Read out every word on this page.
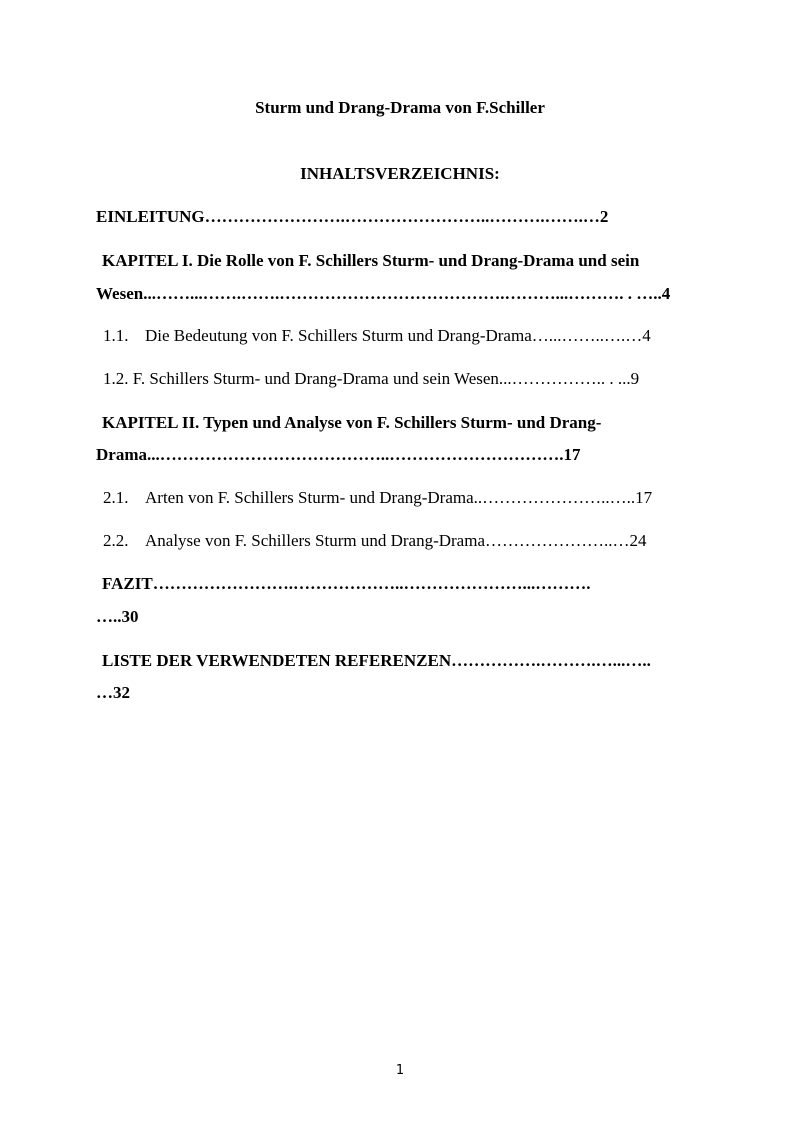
Sturm und Drang-Drama von F.Schiller
INHALTSVERZEICHNIS:
EINLEITUNG…………………….……………………..……….…….…2
KAPITEL I. Die Rolle von F. Schillers Sturm- und Drang-Drama und sein
Wesen...……...…….…….………………………………….………...………. . …..4
1.1. Die Bedeutung von F. Schillers Sturm und Drang-Drama…...……..….…4
1.2. F. Schillers Sturm- und Drang-Drama und sein Wesen...…………….. . ...9
KAPITEL II. Typen und Analyse von F. Schillers Sturm- und Drang-
Drama...…………………………………..………………………….17
2.1. Arten von F. Schillers Sturm- und Drang-Drama..…………………..…..17
2.2. Analyse von F. Schillers Sturm und Drang-Drama…………………..…24
FAZIT…………………….………………..…………………...……….
…..30
LISTE DER VERWENDETEN REFERENZEN…………….……….…...…..
…32
1
